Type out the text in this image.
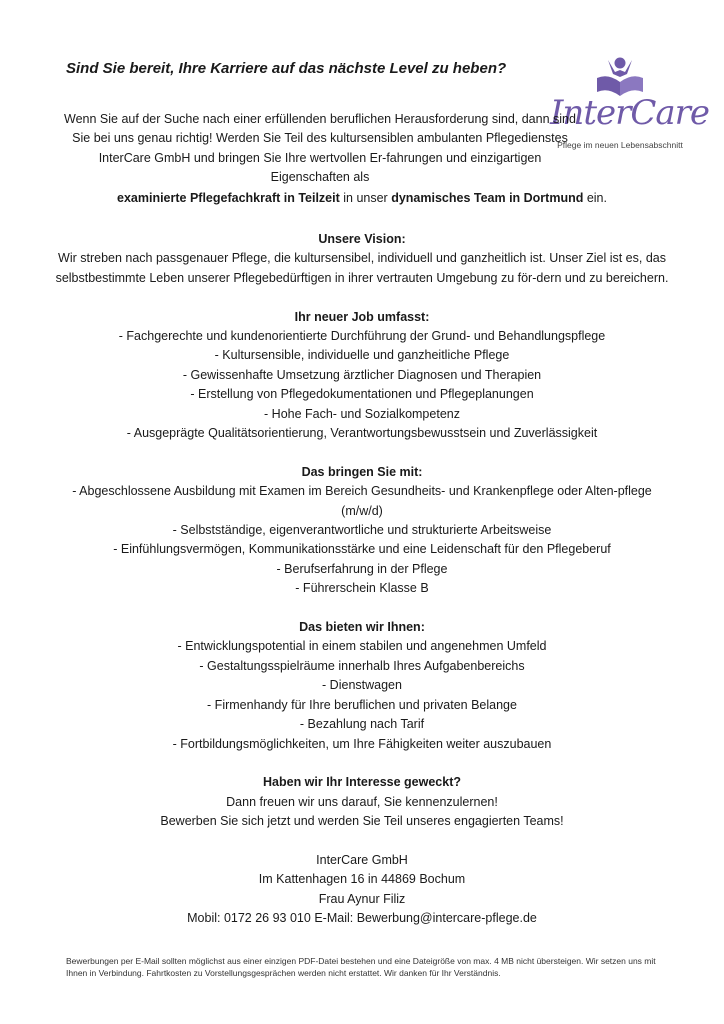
Sind Sie bereit, Ihre Karriere auf das nächste Level zu heben?
InterCare
Pflege im neuen Lebensabschnitt
Wenn Sie auf der Suche nach einer erfüllenden beruflichen Herausforderung sind, dann sind Sie bei uns genau richtig! Werden Sie Teil des kultursensiblen ambulanten Pflegedienstes InterCare GmbH und bringen Sie Ihre wertvollen Er-fahrungen und einzigartigen Eigenschaften als
examinierte Pflegefachkraft in Teilzeit in unser dynamisches Team in Dortmund ein.

Unsere Vision:

Wir streben nach passgenauer Pflege, die kultursensibel, individuell und ganzheitlich ist. Unser Ziel ist es, das selbstbestimmte Leben unserer Pflegebedürftigen in ihrer vertrauten Umgebung zu för-dern und zu bereichern.

Ihr neuer Job umfasst:

- Fachgerechte und kundenorientierte Durchführung der Grund- und Behandlungspflege
- Kultursensible, individuelle und ganzheitliche Pflege
- Gewissenhafte Umsetzung ärztlicher Diagnosen und Therapien
- Erstellung von Pflegedokumentationen und Pflegeplanungen
- Hohe Fach- und Sozialkompetenz
- Ausgeprägte Qualitätsorientierung, Verantwortungsbewusstsein und Zuverlässigkeit

Das bringen Sie mit:

- Abgeschlossene Ausbildung mit Examen im Bereich Gesundheits- und Krankenpflege oder Alten-pflege (m/w/d)
- Selbstständige, eigenverantwortliche und strukturierte Arbeitsweise
- Einfühlungsvermögen, Kommunikationsstärke und eine Leidenschaft für den Pflegeberuf
- Berufserfahrung in der Pflege
- Führerschein Klasse B

Das bieten wir Ihnen:

- Entwicklungspotential in einem stabilen und angenehmen Umfeld
- Gestaltungsspielräume innerhalb Ihres Aufgabenbereichs
- Dienstwagen
- Firmenhandy für Ihre beruflichen und privaten Belange
- Bezahlung nach Tarif
- Fortbildungsmöglichkeiten, um Ihre Fähigkeiten weiter auszubauen

Haben wir Ihr Interesse geweckt?

Dann freuen wir uns darauf, Sie kennenzulernen!

Bewerben Sie sich jetzt und werden Sie Teil unseres engagierten Teams!

InterCare GmbH

Im Kattenhagen 16 in 44869 Bochum

Frau Aynur Filiz

Mobil: 0172 26 93 010 E-Mail: Bewerbung@intercare-pflege.de

Bewerbungen per E-Mail sollten möglichst aus einer einzigen PDF-Datei bestehen und eine Dateigröße von max. 4 MB nicht übersteigen. Wir setzen uns mit Ihnen in Verbindung. Fahrtkosten zu Vorstellungsgesprächen werden nicht erstattet. Wir danken für Ihr Verständnis.
